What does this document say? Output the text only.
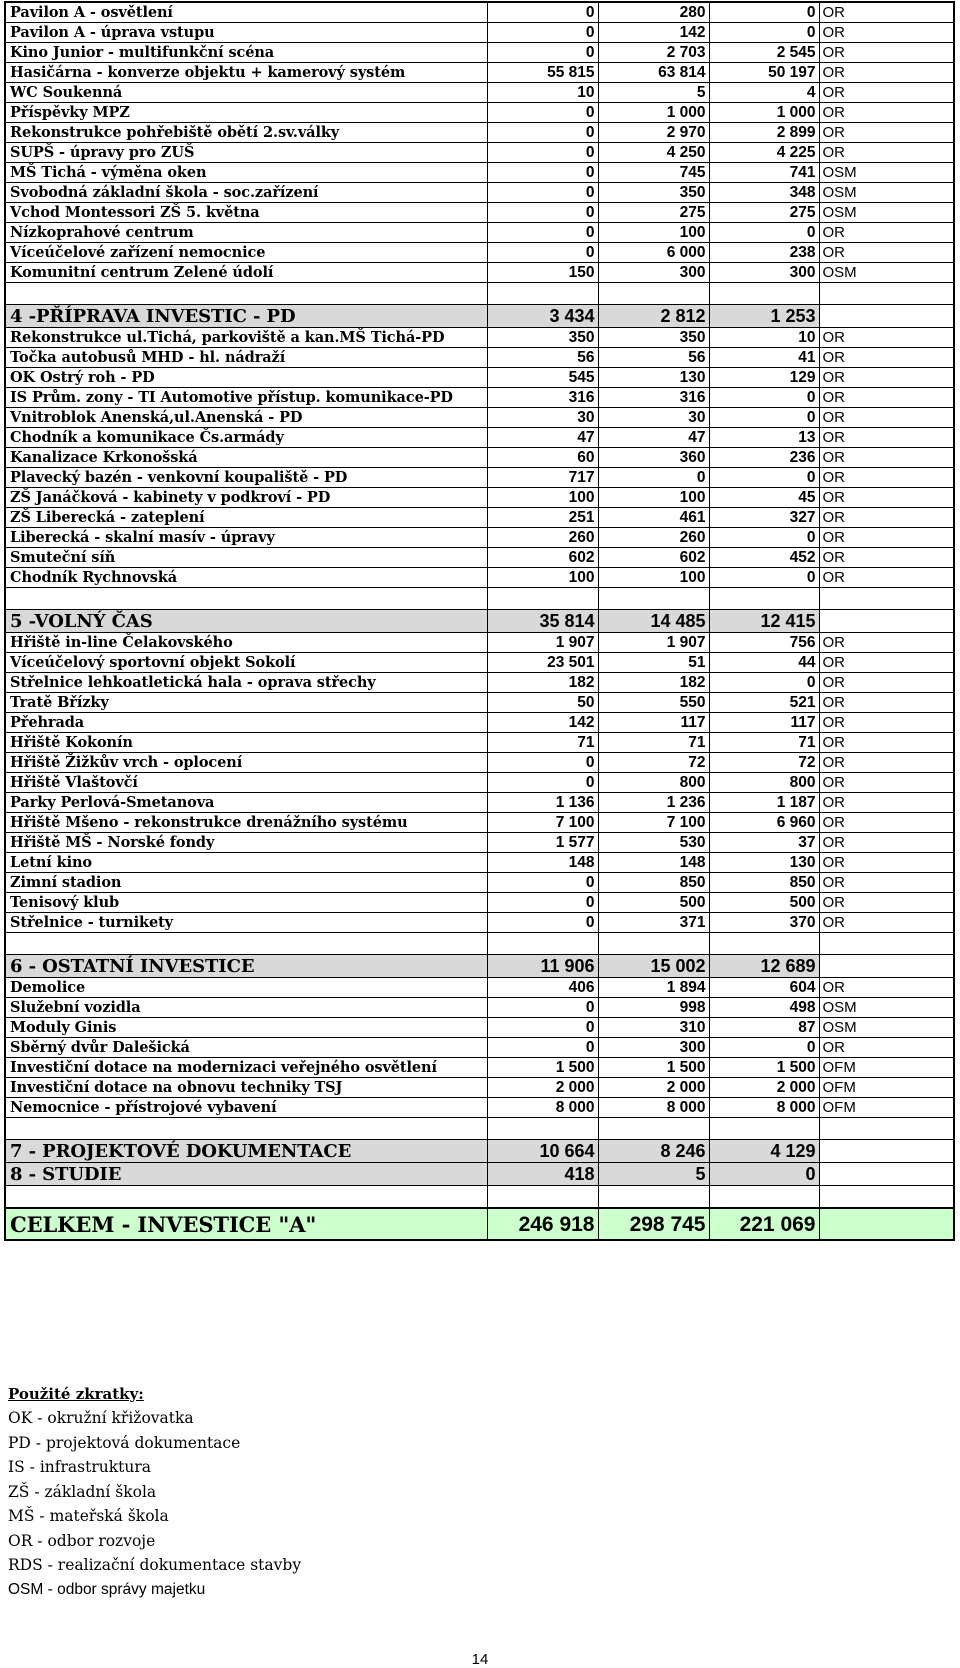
Pavilon A - osvětlení	0	280	0	OR
Pavilon A - úprava vstupu	0	142	0	OR
Kino Junior - multifunkční scéna	0	2 703	2 545	OR
Hasičárna - konverze objektu + kamerový systém	55 815	63 814	50 197	OR
WC Soukenná	10	5	4	OR
Příspěvky MPZ	0	1 000	1 000	OR
Rekonstrukce pohřebiště obětí 2.sv.války	0	2 970	2 899	OR
SUPŠ - úpravy pro ZUŠ	0	4 250	4 225	OR
MŠ Tichá - výměna oken	0	745	741	OSM
Svobodná základní škola - soc.zařízení	0	350	348	OSM
Vchod Montessori ZŠ 5. května	0	275	275	OSM
Nízkoprahové centrum	0	100	0	OR
Víceúčelové zařízení nemocnice	0	6 000	238	OR
Komunitní centrum Zelené údolí	150	300	300	OSM

4 -PŘÍPRAVA INVESTIC - PD	3 434	2 812	1 253	
Rekonstrukce ul.Tichá, parkoviště a kan.MŠ Tichá-PD	350	350	10	OR
Točka autobusů MHD - hl. nádraží	56	56	41	OR
OK Ostrý roh - PD	545	130	129	OR
IS Prům. zony - TI Automotive přístup. komunikace-PD	316	316	0	OR
Vnitroblok Anenská,ul.Anenská - PD	30	30	0	OR
Chodník a komunikace Čs.armády	47	47	13	OR
Kanalizace Krkonošská	60	360	236	OR
Plavecký bazén - venkovní koupaliště - PD	717	0	0	OR
ZŠ Janáčková - kabinety v podkroví - PD	100	100	45	OR
ZŠ Liberecká - zateplení	251	461	327	OR
Liberecká - skalní masív - úpravy	260	260	0	OR
Smuteční síň	602	602	452	OR
Chodník Rychnovská	100	100	0	OR

5 -VOLNÝ ČAS	35 814	14 485	12 415	
Hřiště in-line Čelakovského	1 907	1 907	756	OR
Víceúčelový sportovní objekt Sokolí	23 501	51	44	OR
Střelnice lehkoatletická hala - oprava střechy	182	182	0	OR
Tratě Břízky	50	550	521	OR
Přehrada	142	117	117	OR
Hřiště Kokonín	71	71	71	OR
Hřiště Žižkův vrch - oplocení	0	72	72	OR
Hřiště Vlaštovčí	0	800	800	OR
Parky Perlová-Smetanova	1 136	1 236	1 187	OR
Hřiště Mšeno - rekonstrukce drenážního systému	7 100	7 100	6 960	OR
Hřiště MŠ - Norské fondy	1 577	530	37	OR
Letní kino	148	148	130	OR
Zimní stadion	0	850	850	OR
Tenisový klub	0	500	500	OR
Střelnice - turnikety	0	371	370	OR

6 - OSTATNÍ INVESTICE	11 906	15 002	12 689	
Demolice	406	1 894	604	OR
Služební vozidla	0	998	498	OSM
Moduly Ginis	0	310	87	OSM
Sběrný dvůr Dalešická	0	300	0	OR
Investiční dotace na modernizaci veřejného osvětlení	1 500	1 500	1 500	OFM
Investiční dotace na obnovu techniky TSJ	2 000	2 000	2 000	OFM
Nemocnice - přístrojové vybavení	8 000	8 000	8 000	OFM

7 - PROJEKTOVÉ DOKUMENTACE	10 664	8 246	4 129	
8 - STUDIE	418	5	0	

CELKEM - INVESTICE "A"	246 918	298 745	221 069	
Použité zkratky:
OK - okružní křižovatka
PD - projektová dokumentace
IS - infrastruktura
ZŠ - základní škola
MŠ - mateřská škola
OR - odbor rozvoje
RDS - realizační dokumentace stavby
OSM - odbor správy majetku
14
